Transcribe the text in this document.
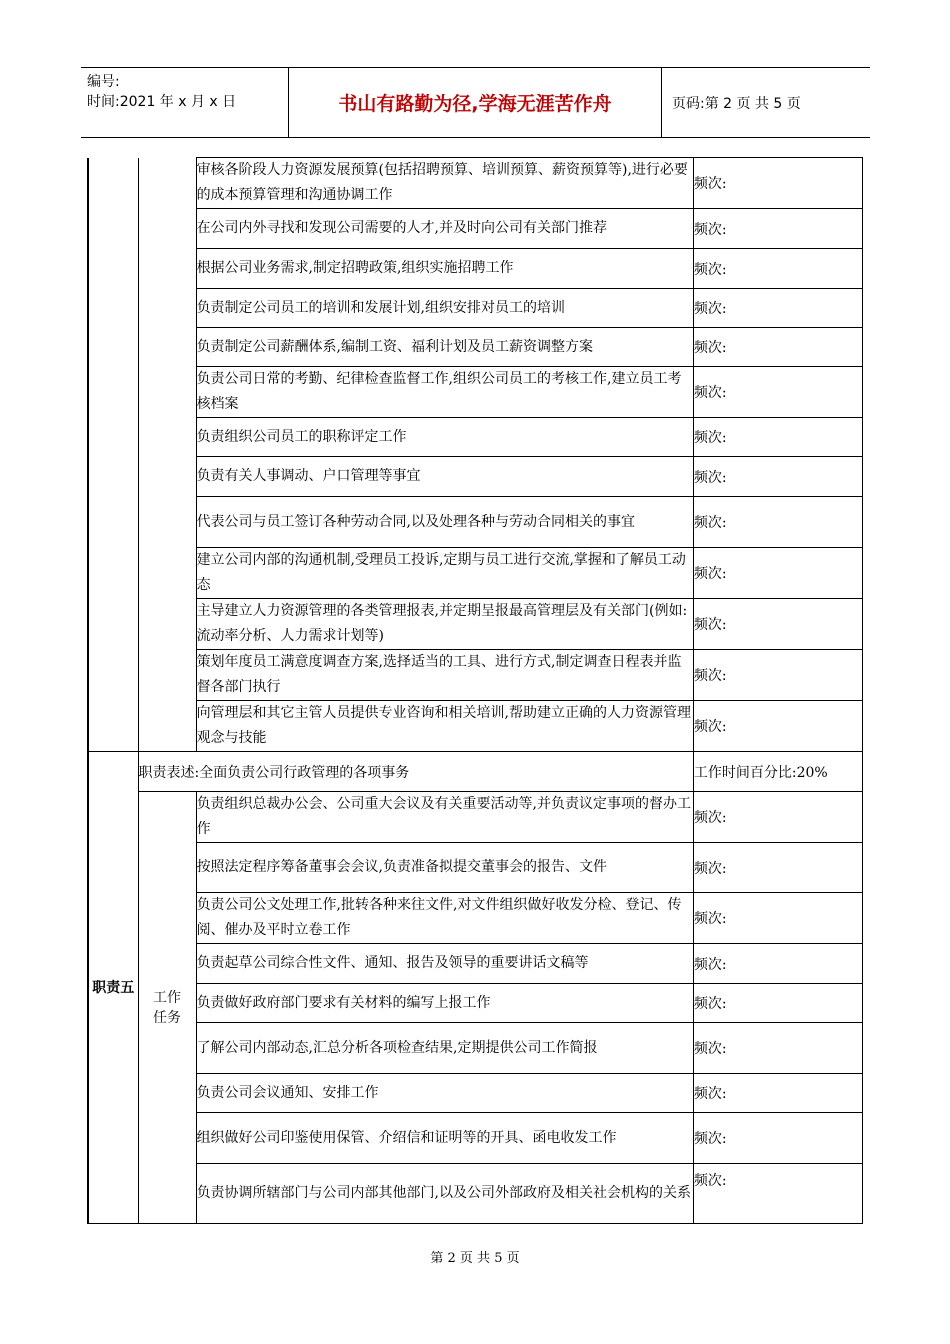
编号:
时间:2021 年 x 月 x 日	书山有路勤为径,学海无涯苦作舟	页码:第 2 页 共 5 页
		审核各阶段人力资源发展预算(包括招聘预算、培训预算、薪资预算等),进行必要的成本预算管理和沟通协调工作	频次:
		在公司内外寻找和发现公司需要的人才,并及时向公司有关部门推荐	频次:
		根据公司业务需求,制定招聘政策,组织实施招聘工作	频次:
		负责制定公司员工的培训和发展计划,组织安排对员工的培训	频次:
		负责制定公司薪酬体系,编制工资、福利计划及员工薪资调整方案	频次:
		负责公司日常的考勤、纪律检查监督工作,组织公司员工的考核工作,建立员工考核档案	频次:
		负责组织公司员工的职称评定工作	频次:
		负责有关人事调动、户口管理等事宜	频次:
		代表公司与员工签订各种劳动合同,以及处理各种与劳动合同相关的事宜	频次:
		建立公司内部的沟通机制,受理员工投诉,定期与员工进行交流,掌握和了解员工动态	频次:
		主导建立人力资源管理的各类管理报表,并定期呈报最高管理层及有关部门(例如:流动率分析、人力需求计划等)	频次:
		策划年度员工满意度调查方案,选择适当的工具、进行方式,制定调查日程表并监督各部门执行	频次:
		向管理层和其它主管人员提供专业咨询和相关培训,帮助建立正确的人力资源管理观念与技能	频次:
职责五	职责表述:全面负责公司行政管理的各项事务		工作时间百分比:20%

	工作任务	负责组织总裁办公会、公司重大会议及有关重要活动等,并负责议定事项的督办工作	频次:
		按照法定程序筹备董事会会议,负责准备拟提交董事会的报告、文件	频次:
		负责公司公文处理工作,批转各种来往文件,对文件组织做好收发分检、登记、传阅、催办及平时立卷工作	频次:
		负责起草公司综合性文件、通知、报告及领导的重要讲话文稿等	频次:
		负责做好政府部门要求有关材料的编写上报工作	频次:
		了解公司内部动态,汇总分析各项检查结果,定期提供公司工作简报	频次:
		负责公司会议通知、安排工作	频次:
		组织做好公司印鉴使用保管、介绍信和证明等的开具、函电收发工作	频次:
		负责协调所辖部门与公司内部其他部门,以及公司外部政府及相关社会机构的关系	频次:
第 2 页 共 5 页
